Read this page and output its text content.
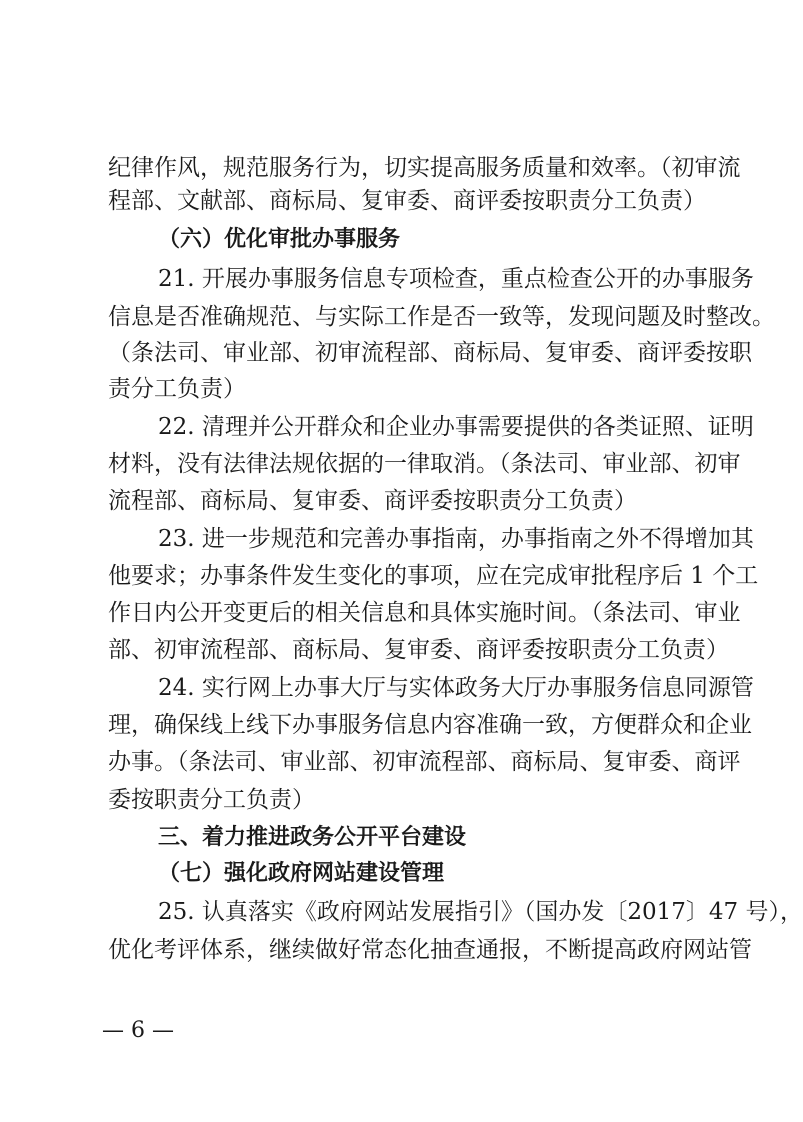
纪律作风，规范服务行为，切实提高服务质量和效率。（初审流
程部、文献部、商标局、复审委、商评委按职责分工负责）
（六）优化审批办事服务
21. 开展办事服务信息专项检查，重点检查公开的办事服务
信息是否准确规范、与实际工作是否一致等，发现问题及时整改。
（条法司、审业部、初审流程部、商标局、复审委、商评委按职
责分工负责）
22. 清理并公开群众和企业办事需要提供的各类证照、证明
材料，没有法律法规依据的一律取消。（条法司、审业部、初审
流程部、商标局、复审委、商评委按职责分工负责）
23. 进一步规范和完善办事指南，办事指南之外不得增加其
他要求；办事条件发生变化的事项，应在完成审批程序后 1 个工
作日内公开变更后的相关信息和具体实施时间。（条法司、审业
部、初审流程部、商标局、复审委、商评委按职责分工负责）
24. 实行网上办事大厅与实体政务大厅办事服务信息同源管
理，确保线上线下办事服务信息内容准确一致，方便群众和企业
办事。（条法司、审业部、初审流程部、商标局、复审委、商评
委按职责分工负责）
三、着力推进政务公开平台建设
（七）强化政府网站建设管理
25. 认真落实《政府网站发展指引》（国办发〔2017〕47 号），
优化考评体系，继续做好常态化抽查通报，不断提高政府网站管
— 6 —
